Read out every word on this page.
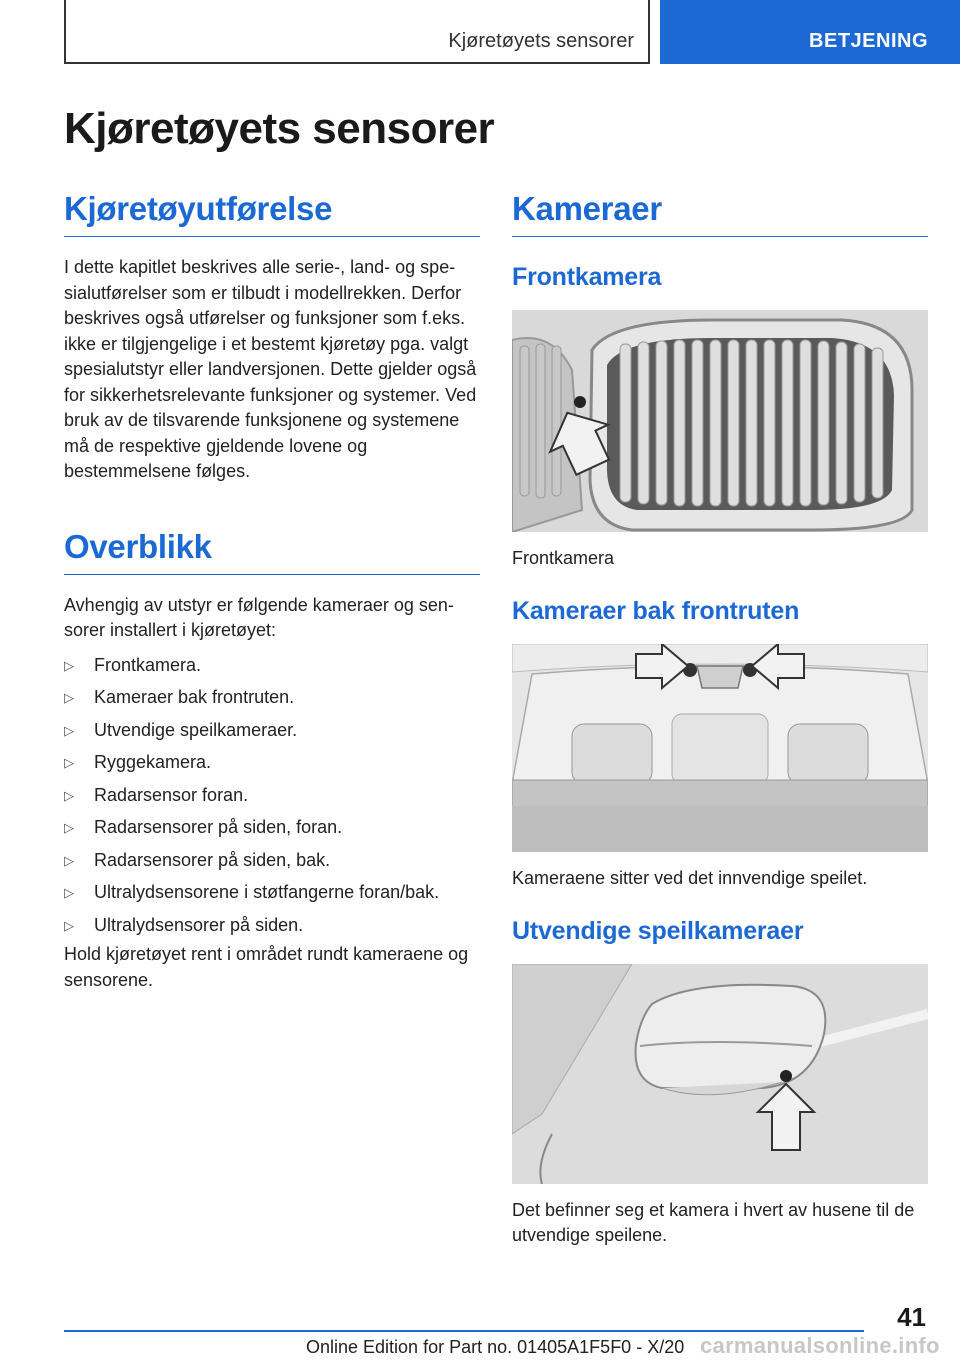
Kjøretøyets sensorer	BETJENING
Kjøretøyets sensorer
Kjøretøyutførelse

I dette kapitlet beskrives alle serie-, land- og spesialutførelser som er tilbudt i modellrekken. Derfor beskrives også utførelser og funksjoner som f.eks. ikke er tilgjengelige i et bestemt kjøretøy pga. valgt spesialutstyr eller landversjonen. Dette gjelder også for sikkerhetsrelevante funksjoner og systemer. Ved bruk av de tilsvarende funksjonene og systemene må de respektive gjeldende lovene og bestemmelsene følges.

Overblikk

Avhengig av utstyr er følgende kameraer og sensorer installert i kjøretøyet:

▷ Frontkamera.
▷ Kameraer bak frontruten.
▷ Utvendige speilkameraer.
▷ Ryggekamera.
▷ Radarsensor foran.
▷ Radarsensorer på siden, foran.
▷ Radarsensorer på siden, bak.
▷ Ultralydsensorene i støtfangerne foran/bak.
▷ Ultralydsensorer på siden.

Hold kjøretøyet rent i området rundt kameraene og sensorene.

Kameraer
Frontkamera

Frontkamera

Kameraer bak frontruten

Kameraene sitter ved det innvendige speilet.

Utvendige speilkameraer

Det befinner seg et kamera i hvert av husene til de utvendige speilene.

41
Online Edition for Part no. 01405A1F5F0 - X/20 carmanualsonline.info
